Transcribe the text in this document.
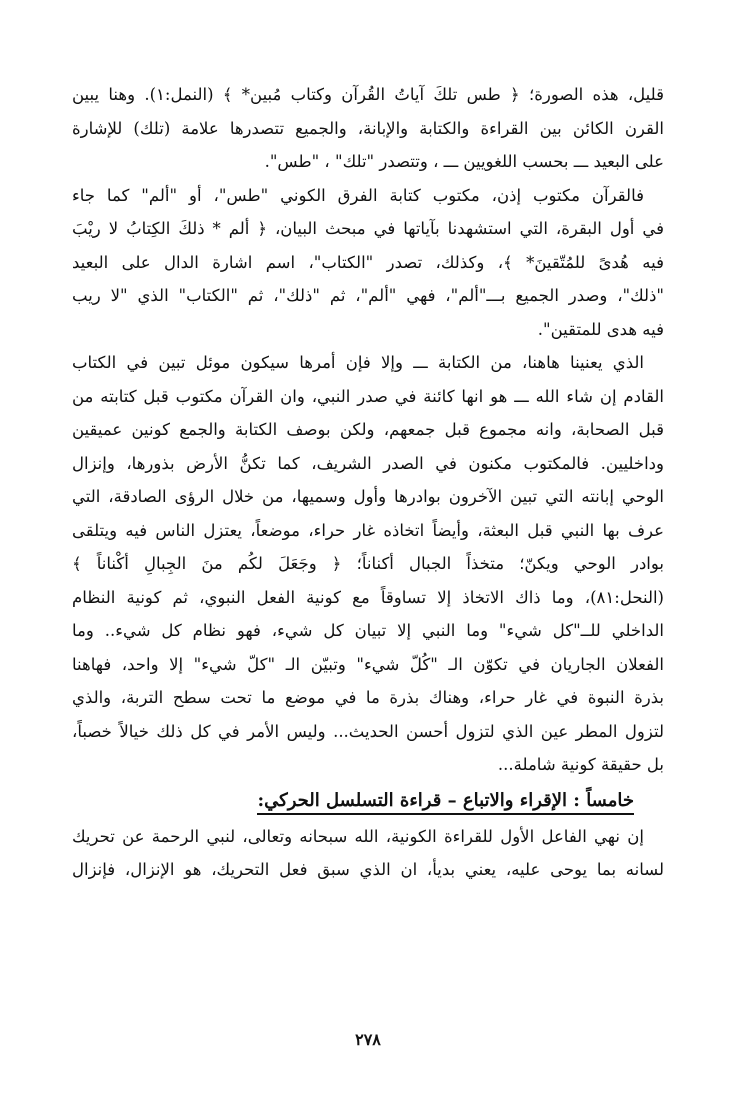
قليل، هذه الصورة؛ ﴿ طس تلكَ آياتُ القُرآن وكتاب مُبين* ﴾ (النمل:١). وهنا يبين
القرن الكائن بين القراءة والكتابة والإبانة، والجميع تتصدرها علامة (تلك) للإشارة
على البعيد ـــ بحسب اللغويين ـــ ، وتتصدر "تلك" ، "طس".
فالقرآن مكتوب إذن، مكتوب كتابة الفرق الكوني "طس"، أو "ألم" كما جاء
في أول البقرة، التي استشهدنا بآياتها في مبحث البيان، ﴿ ألم * ذلكَ الكِتابُ لا ريْبَ
فيه هُدىً للمُتّقينَ* ﴾، وكذلك، تصدر "الكتاب"، اسم اشارة الدال على البعيد
"ذلك"، وصدر الجميع بـــ"ألم"، فهي "ألم"، ثم "ذلك"، ثم "الكتاب" الذي "لا ريب
فيه هدى للمتقين".
الذي يعنينا هاهنا، من الكتابة ـــ وإلا فإن أمرها سيكون موئل تبين في الكتاب
القادم إن شاء الله ـــ هو انها كائنة في صدر النبي، وان القرآن مكتوب قبل كتابته من
قبل الصحابة، وانه مجموع قبل جمعهم، ولكن بوصف الكتابة والجمع كونين عميقين
وداخليين. فالمكتوب مكنون في الصدر الشريف، كما تكنُّ الأرض بذورها، وإنزال
الوحي إبانته التي تبين الآخرون بوادرها وأول وسميها، من خلال الرؤى الصادقة، التي
عرف بها النبي قبل البعثة، وأيضاً اتخاذه غار حراء، موضعاً، يعتزل الناس فيه ويتلقى
بوادر الوحي ويكنّ؛ متخذاً الجبال أكناناً؛ ﴿ وجَعَلَ لكُم منَ الجِبالِ أكْناناً ﴾
(النحل:٨١)، وما ذاك الاتخاذ إلا تساوقاً مع كونية الفعل النبوي، ثم كونية النظام
الداخلي للــ"كل شيء" وما النبي إلا تبيان كل شيء، فهو نظام كل شيء.. وما
الفعلان الجاريان في تكوّن الـ "كُلّ شيء" وتبيّن الـ "كلّ شيء" إلا واحد، فهاهنا
بذرة النبوة في غار حراء، وهناك بذرة ما في موضع ما تحت سطح التربة، والذي
لتزول المطر عين الذي لتزول أحسن الحديث... وليس الأمر في كل ذلك خيالاً خصباً،
بل حقيقة كونية شاملة...
خامساً : الإقراء والاتباع – قراءة التسلسل الحركي:
إن نهي الفاعل الأول للقراءة الكونية، الله سبحانه وتعالى، لنبي الرحمة عن تحريك
لسانه بما يوحى عليه، يعني بديأ، ان الذي سبق فعل التحريك، هو الإنزال، فإنزال
٢٧٨
